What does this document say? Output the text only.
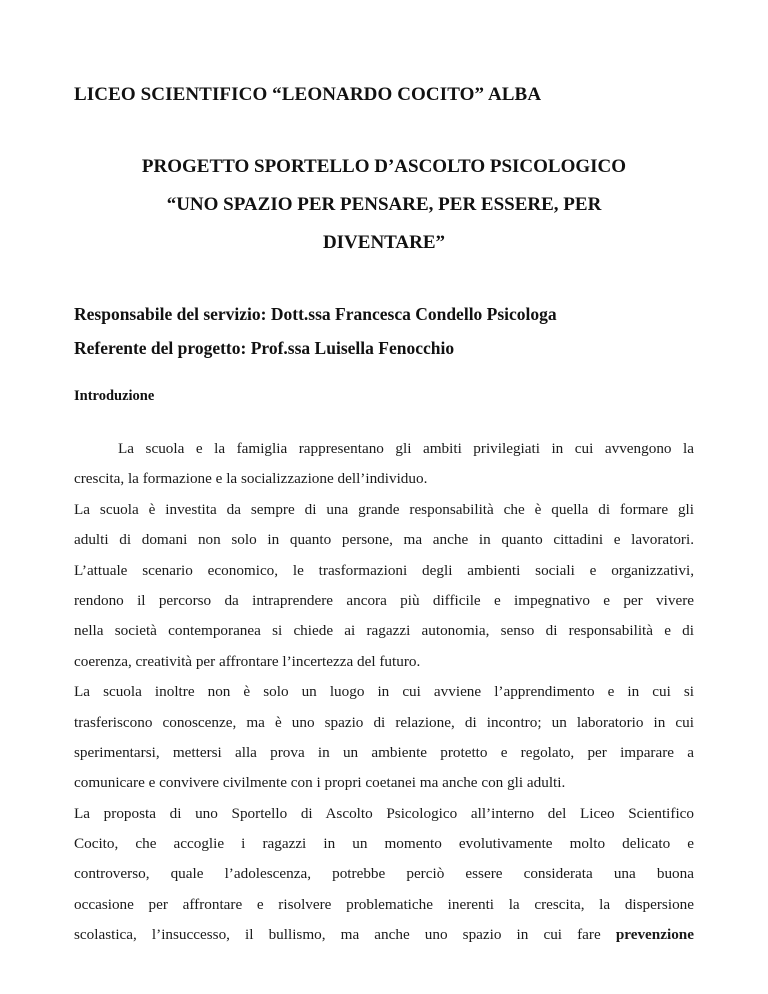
LICEO SCIENTIFICO “LEONARDO COCITO” ALBA
PROGETTO SPORTELLO D’ASCOLTO PSICOLOGICO
“UNO SPAZIO PER PENSARE, PER ESSERE, PER
DIVENTARE”
Responsabile del servizio: Dott.ssa Francesca Condello Psicologa
Referente del progetto: Prof.ssa Luisella Fenocchio
Introduzione
La scuola e la famiglia rappresentano gli ambiti privilegiati in cui avvengono la
crescita, la formazione e la socializzazione dell’individuo.
La scuola è investita da sempre di una grande responsabilità che è quella di formare gli
adulti di domani non solo in quanto persone, ma anche in quanto cittadini e lavoratori.
L’attuale scenario economico, le trasformazioni degli ambienti sociali e organizzativi,
rendono il percorso da intraprendere ancora più difficile e impegnativo e per vivere
nella società contemporanea si chiede ai ragazzi autonomia, senso di responsabilità e di
coerenza, creatività per affrontare l’incertezza del futuro.
La scuola inoltre non è solo un luogo in cui avviene l’apprendimento e in cui si
trasferiscono conoscenze, ma è uno spazio di relazione, di incontro; un laboratorio in cui
sperimentarsi, mettersi alla prova in un ambiente protetto e regolato, per imparare a
comunicare e convivere civilmente con i propri coetanei ma anche con gli adulti.
La proposta di uno Sportello di Ascolto Psicologico all’interno del Liceo Scientifico
Cocito, che accoglie i ragazzi in un momento evolutivamente molto delicato e
controverso, quale l’adolescenza, potrebbe perciò essere considerata una buona
occasione per affrontare e risolvere problematiche inerenti la crescita, la dispersione
scolastica, l’insuccesso, il bullismo, ma anche uno spazio in cui fare prevenzione
